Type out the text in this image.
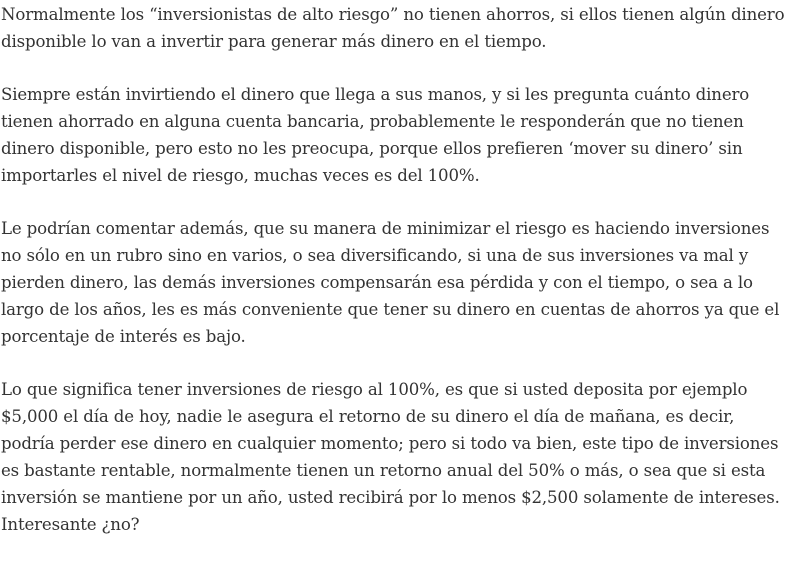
Normalmente los “inversionistas de alto riesgo” no tienen ahorros, si ellos tienen algún dinero disponible lo van a invertir para generar más dinero en el tiempo.

Siempre están invirtiendo el dinero que llega a sus manos, y si les pregunta cuánto dinero tienen ahorrado en alguna cuenta bancaria, probablemente le responderán que no tienen dinero disponible, pero esto no les preocupa, porque ellos prefieren ‘mover su dinero’ sin importarles el nivel de riesgo, muchas veces es del 100%.

Le podrían comentar además, que su manera de minimizar el riesgo es haciendo inversiones no sólo en un rubro sino en varios, o sea diversificando, si una de sus inversiones va mal y pierden dinero, las demás inversiones compensarán esa pérdida y con el tiempo, o sea a lo largo de los años, les es más conveniente que tener su dinero en cuentas de ahorros ya que el porcentaje de interés es bajo.

Lo que significa tener inversiones de riesgo al 100%, es que si usted deposita por ejemplo $5,000 el día de hoy, nadie le asegura el retorno de su dinero el día de mañana, es decir, podría perder ese dinero en cualquier momento; pero si todo va bien, este tipo de inversiones es bastante rentable, normalmente tienen un retorno anual del 50% o más, o sea que si esta inversión se mantiene por un año, usted recibirá por lo menos $2,500 solamente de intereses. Interesante ¿no?
